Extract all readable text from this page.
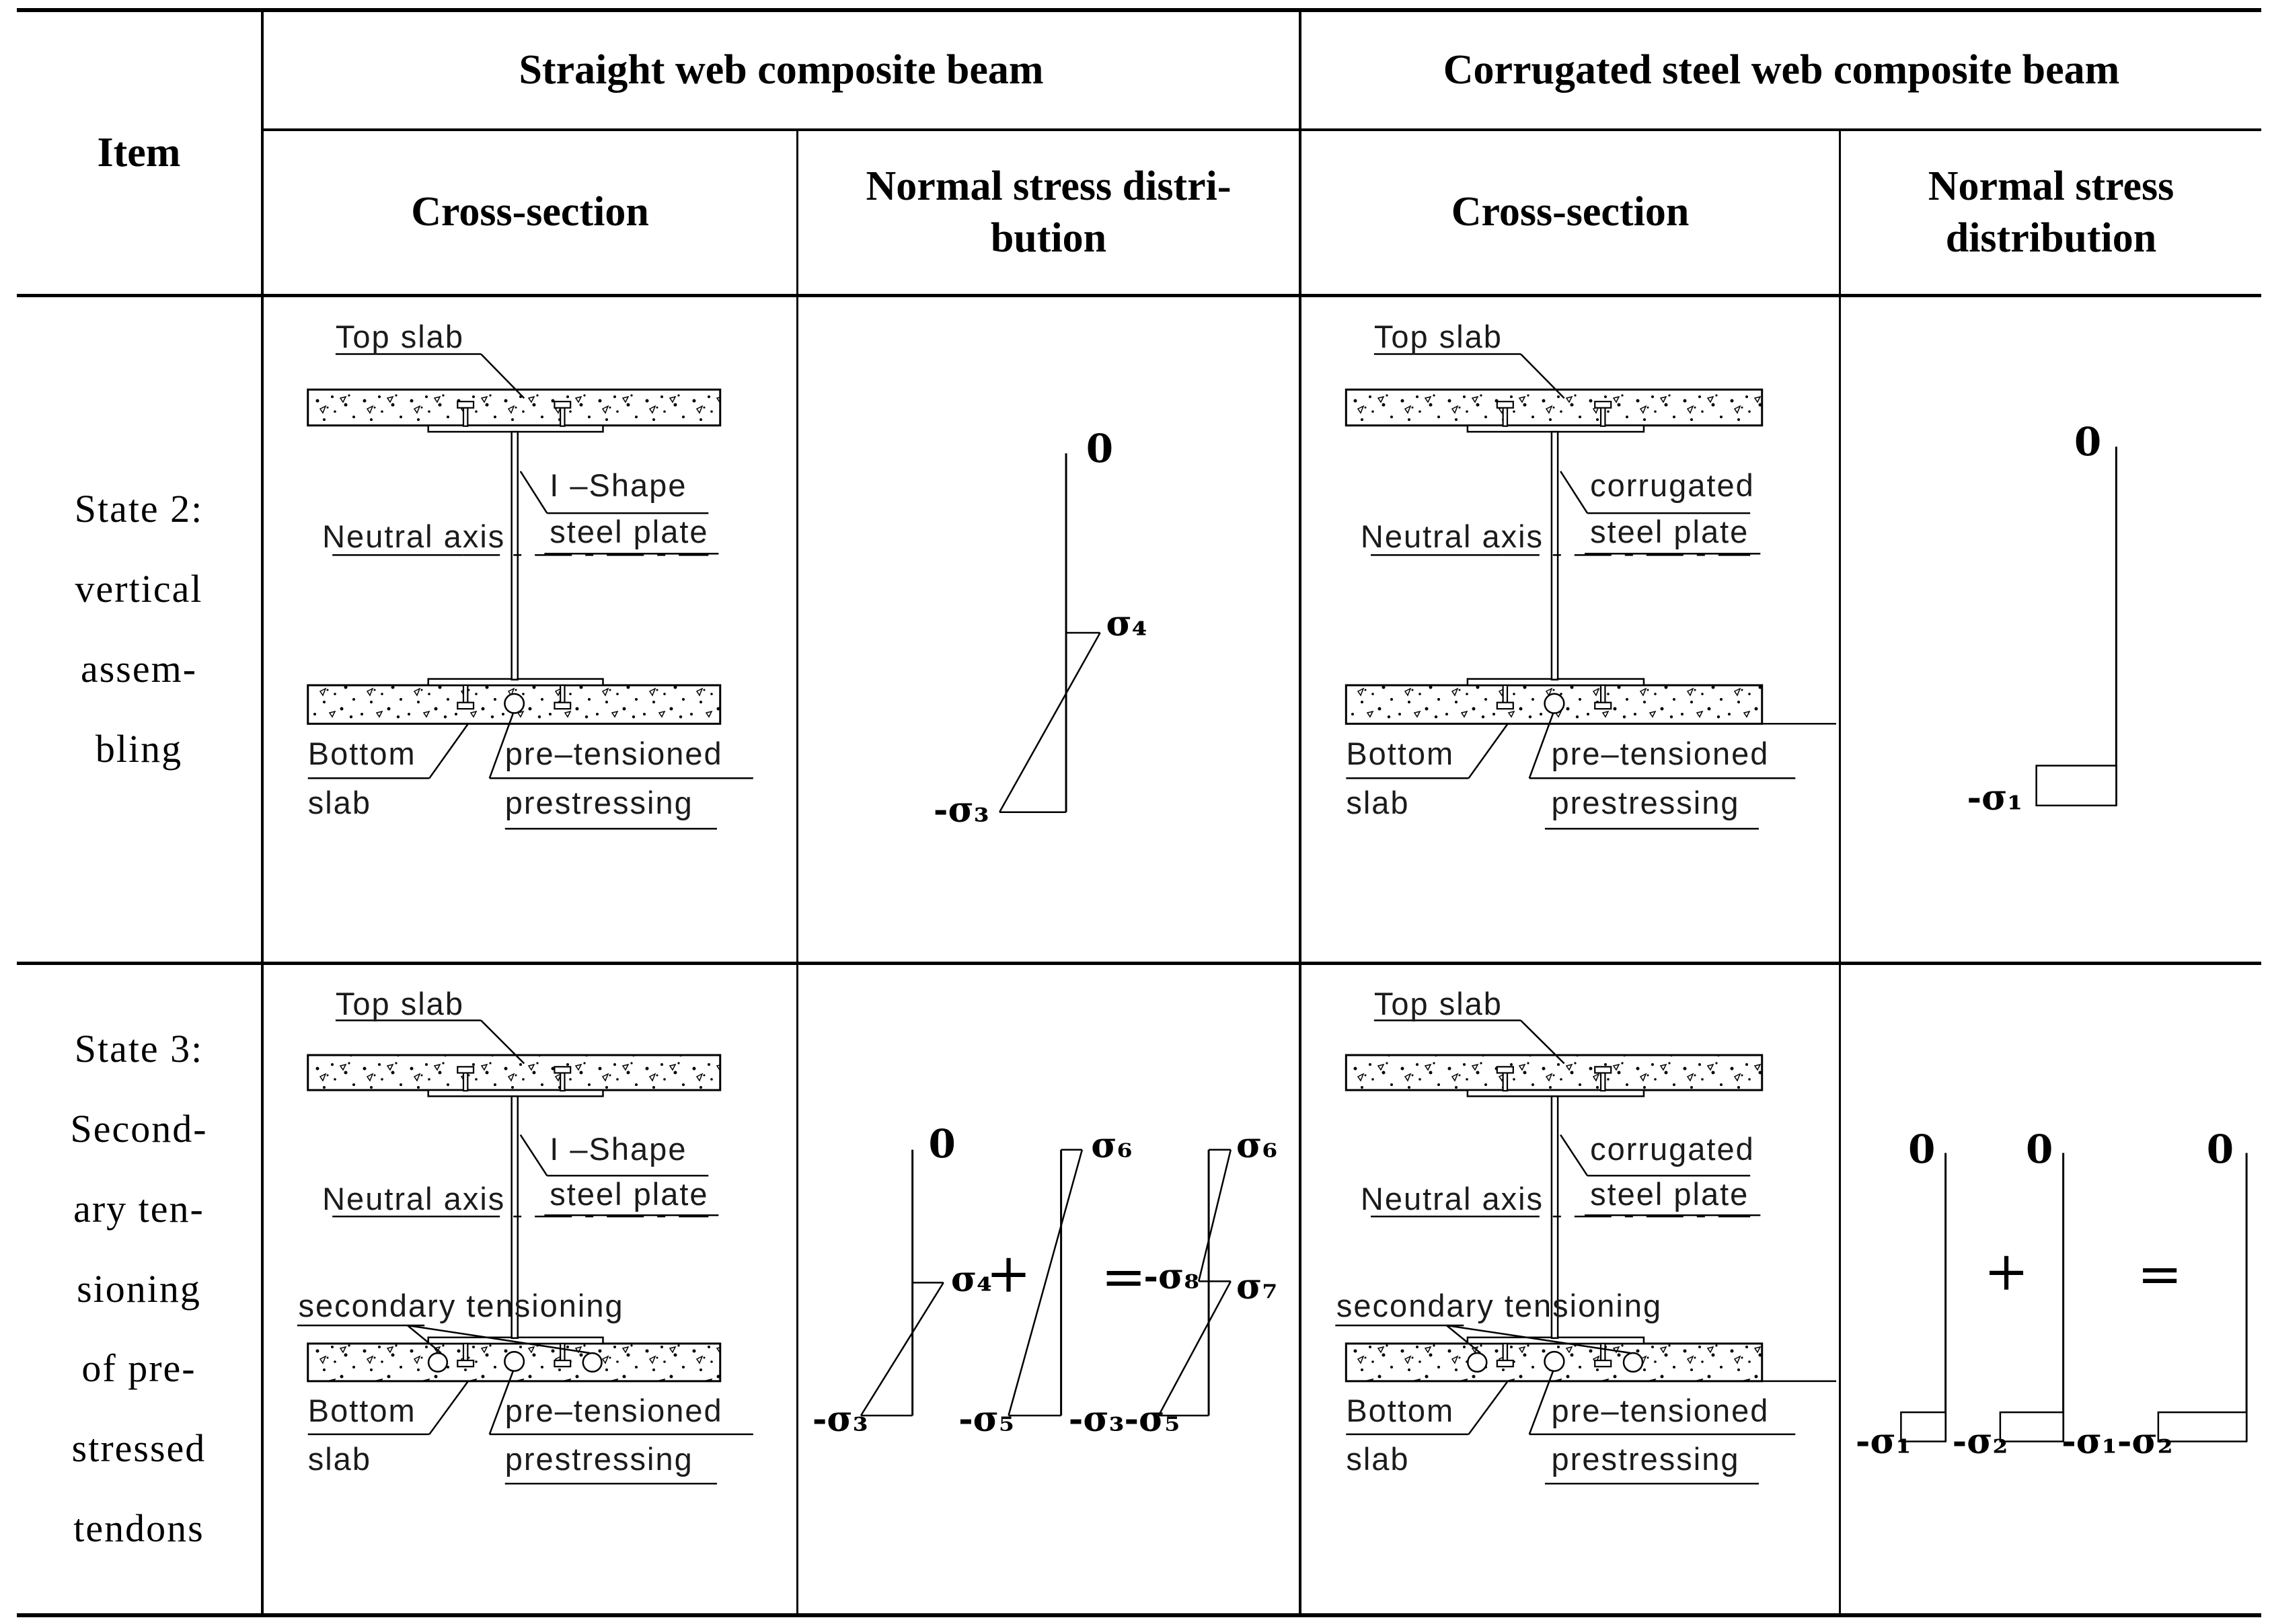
Item
Straight web composite beam	Corrugated steel web composite beam
Cross-section
Normal stress distri-
bution
Cross-section
Normal stress
distribution
State 2:
vertical
assem-
bling
Top slab
I –Shape
steel plate
Neutral axis
Bottom
slab
pre–tensioned
prestressing
0
σ₄
-σ₃
Top slab
corrugated
steel plate
Neutral axis
Bottom
slab
pre–tensioned
prestressing
0
-σ₁
State 3:
Second-
ary ten-
sioning
of pre-
stressed
tendons
Top slab
I –Shape
steel plate
Neutral axis
secondary tensioning
Bottom
slab
pre–tensioned
prestressing
0
σ₄
-σ₃
+
σ₆
-σ₅
=
σ₆
-σ₈ σ₇
-σ₃-σ₅
Top slab
corrugated
steel plate
Neutral axis
secondary tensioning
Bottom
slab
pre–tensioned
prestressing
0
-σ₁
+
0
-σ₂
=
0
-σ₁-σ₂
